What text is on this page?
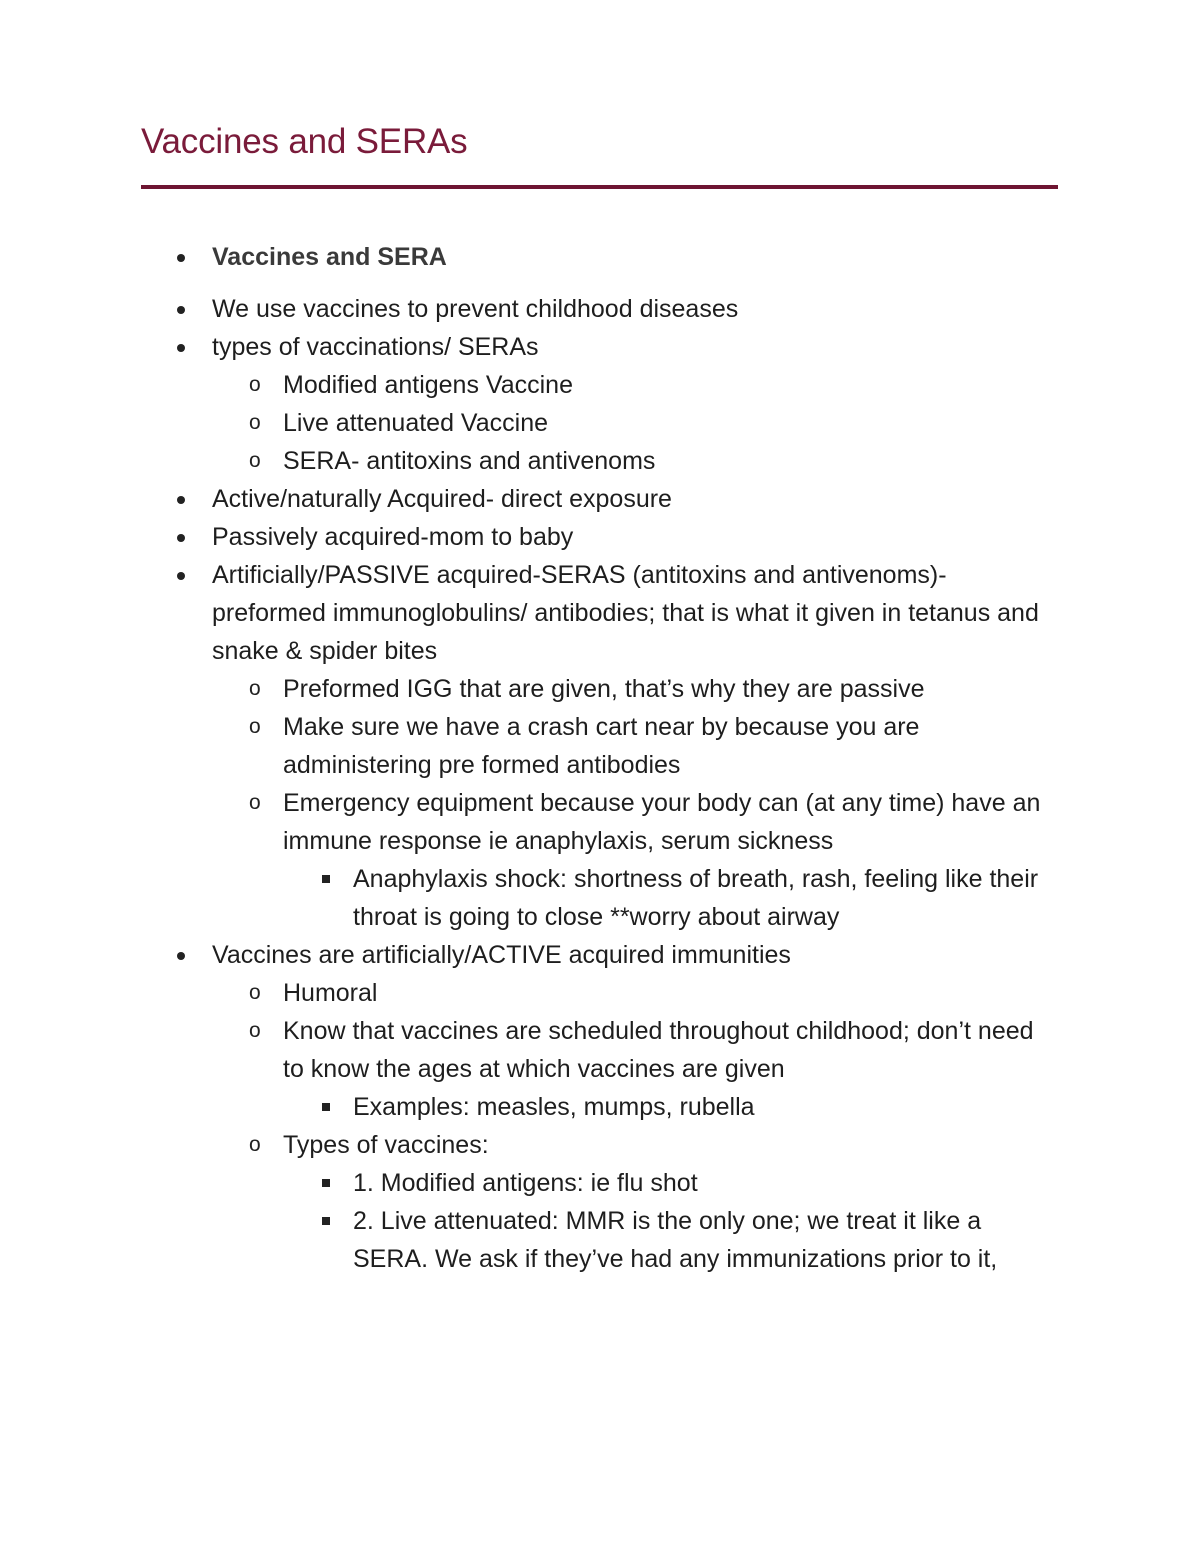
Vaccines and SERAs
Vaccines and SERA
We use vaccines to prevent childhood diseases
types of vaccinations/ SERAs
o Modified antigens Vaccine
o Live attenuated Vaccine
o SERA- antitoxins and antivenoms
Active/naturally Acquired- direct exposure
Passively acquired-mom to baby
Artificially/PASSIVE acquired-SERAS (antitoxins and antivenoms)- preformed immunoglobulins/ antibodies; that is what it given in tetanus and snake & spider bites
o Preformed IGG that are given, that’s why they are passive
o Make sure we have a crash cart near by because you are administering pre formed antibodies
o Emergency equipment because your body can (at any time) have an immune response ie anaphylaxis, serum sickness
Anaphylaxis shock: shortness of breath, rash, feeling like their throat is going to close **worry about airway
Vaccines are artificially/ACTIVE acquired immunities
o Humoral
o Know that vaccines are scheduled throughout childhood; don’t need to know the ages at which vaccines are given
Examples: measles, mumps, rubella
o Types of vaccines:
1. Modified antigens: ie flu shot
2. Live attenuated: MMR is the only one; we treat it like a SERA. We ask if they’ve had any immunizations prior to it,
